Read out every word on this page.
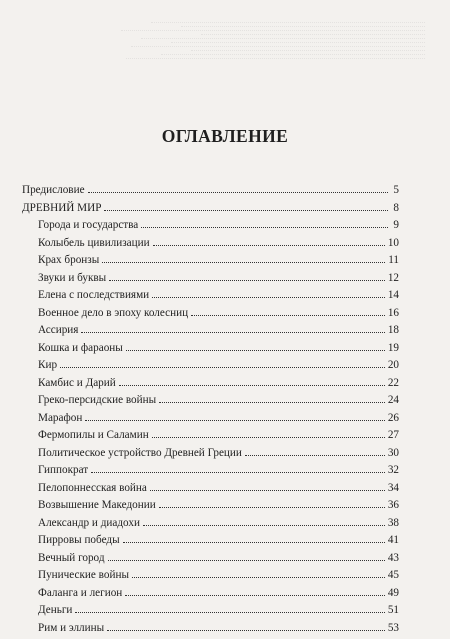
ОГЛАВЛЕНИЕ
Предисловие	5
ДРЕВНИЙ МИР	8
Города и государства	9
Колыбель цивилизации	10
Крах бронзы	11
Звуки и буквы	12
Елена с последствиями	14
Военное дело в эпоху колесниц	16
Ассирия	18
Кошка и фараоны	19
Кир	20
Камбис и Дарий	22
Греко-персидские войны	24
Марафон	26
Фермопилы и Саламин	27
Политическое устройство Древней Греции	30
Гиппократ	32
Пелопоннесская война	34
Возвышение Македонии	36
Александр и диадохи	38
Пирровы победы	41
Вечный город	43
Пунические войны	45
Фаланга и легион	49
Деньги	51
Рим и эллины	53
